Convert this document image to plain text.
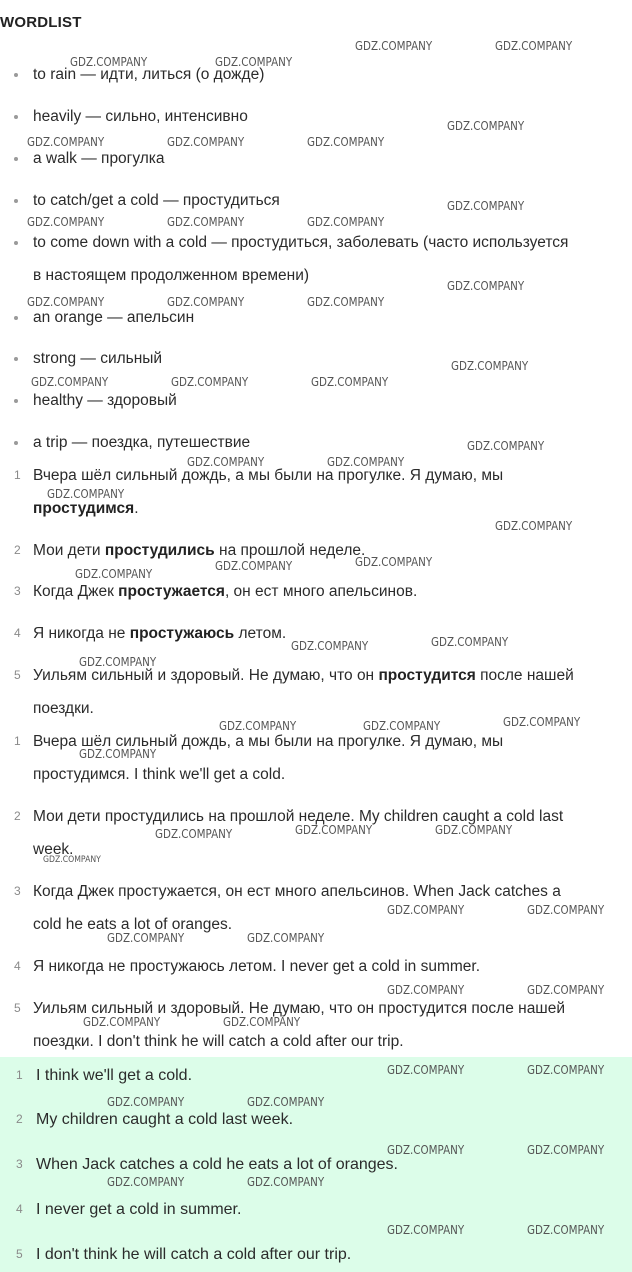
WORDLIST
to rain — идти, литься (о дожде)
heavily — сильно, интенсивно
a walk — прогулка
to catch/get a cold — простудиться
to come down with a cold — простудиться, заболевать (часто используется
в настоящем продолженном времени)
an orange — апельсин
strong — сильный
healthy — здоровый
a trip — поездка, путешествие
1 Вчера шёл сильный дождь, а мы были на прогулке. Я думаю, мы
простудимся.
2 Мои дети простудились на прошлой неделе.
3 Когда Джек простужается, он ест много апельсинов.
4 Я никогда не простужаюсь летом.
5 Уильям сильный и здоровый. Не думаю, что он простудится после нашей
поездки.
1 Вчера шёл сильный дождь, а мы были на прогулке. Я думаю, мы
простудимся. I think we'll get a cold.
2 Мои дети простудились на прошлой неделе. My children caught a cold last
week.
3 Когда Джек простужается, он ест много апельсинов. When Jack catches a
cold he eats a lot of oranges.
4 Я никогда не простужаюсь летом. I never get a cold in summer.
5 Уильям сильный и здоровый. Не думаю, что он простудится после нашей
поездки. I don't think he will catch a cold after our trip.
1 I think we'll get a cold.
2 My children caught a cold last week.
3 When Jack catches a cold he eats a lot of oranges.
4 I never get a cold in summer.
5 I don't think he will catch a cold after our trip.
GDZ.COMPANY	GDZ.COMPANY
GDZ.COMPANY	GDZ.COMPANY
GDZ.COMPANY
GDZ.COMPANY	GDZ.COMPANY	GDZ.COMPANY
GDZ.COMPANY
GDZ.COMPANY	GDZ.COMPANY	GDZ.COMPANY
GDZ.COMPANY
GDZ.COMPANY	GDZ.COMPANY	GDZ.COMPANY
GDZ.COMPANY
GDZ.COMPANY	GDZ.COMPANY	GDZ.COMPANY
GDZ.COMPANY
GDZ.COMPANY	GDZ.COMPANY
GDZ.COMPANY
GDZ.COMPANY
GDZ.COMPANY	GDZ.COMPANY
GDZ.COMPANY
GDZ.COMPANY	GDZ.COMPANY
GDZ.COMPANY
GDZ.COMPANY	GDZ.COMPANY	GDZ.COMPANY
GDZ.COMPANY
GDZ.COMPANY	GDZ.COMPANY	GDZ.COMPANY
GDZ.COMPANY	GDZ.COMPANY
GDZ.COMPANY	GDZ.COMPANY
GDZ.COMPANY	GDZ.COMPANY
GDZ.COMPANY	GDZ.COMPANY
GDZ.COMPANY	GDZ.COMPANY
GDZ.COMPANY	GDZ.COMPANY
GDZ.COMPANY	GDZ.COMPANY
GDZ.COMPANY	GDZ.COMPANY
GDZ.COMPANY	GDZ.COMPANY
GDZ.COMPANY
